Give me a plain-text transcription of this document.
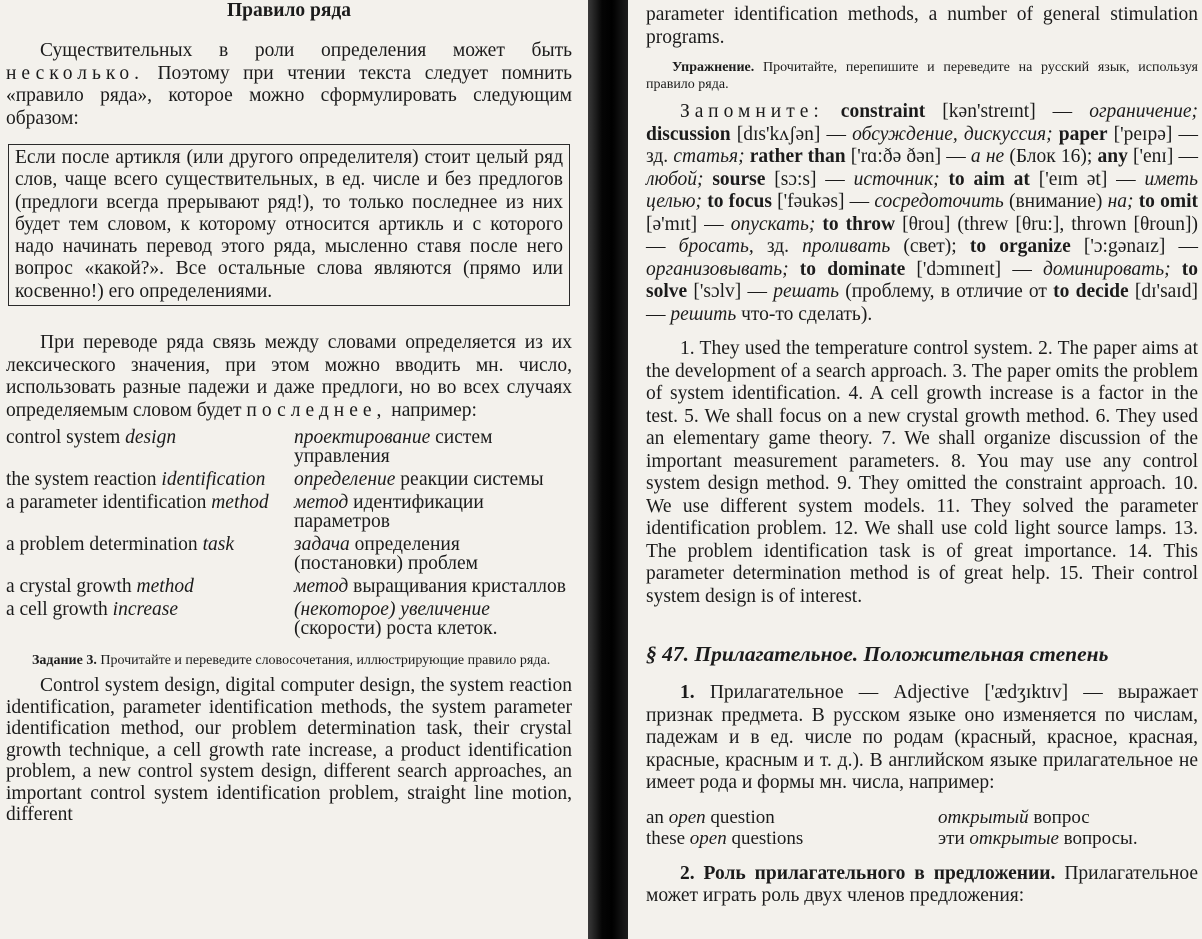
Правило ряда

Существительных в роли определения может быть несколько. Поэтому при чтении текста следует помнить «правило ряда», которое можно сформулировать следующим образом:

Если после артикля (или другого определителя) стоит целый ряд слов, чаще всего существительных, в ед. числе и без предлогов (предлоги всегда прерывают ряд!), то только последнее из них будет тем словом, к которому относится артикль и с которого надо начинать перевод этого ряда, мысленно ставя после него вопрос «какой?». Все остальные слова являются (прямо или косвенно!) его определениями.

При переводе ряда связь между словами определяется из их лексического значения, при этом можно вводить мн. число, использовать разные падежи и даже предлоги, но во всех случаях определяемым словом будет последнее, например:

control system design	проектирование систем управления
the system reaction identification	определение реакции системы
a parameter identification method	метод идентификации параметров
a problem determination task	задача определения (постановки) проблем
a crystal growth method	метод выращивания кристаллов
a cell growth increase	(некоторое) увеличение (скорости) роста клеток.

Задание 3. Прочитайте и переведите словосочетания, иллюстрирующие правило ряда.

Control system design, digital computer design, the system reaction identification, parameter identification methods, the system parameter identification method, our problem determination task, their crystal growth technique, a cell growth rate increase, a product identification problem, a new control system design, different search approaches, an important control system identification problem, straight line motion, different

parameter identification methods, a number of general stimulation programs.

Упражнение. Прочитайте, перепишите и переведите на русский язык, используя правило ряда.

Запомните: constraint [kən'streɪnt] — ограничение; discussion [dɪs'kʌʃən] — обсуждение, дискуссия; paper ['peɪpə] — зд. статья; rather than ['rɑ:ðə ðən] — а не (Блок 16); any ['enɪ] — любой; sourse [sɔ:s] — источник; to aim at ['eɪm ət] — иметь целью; to focus ['fəukəs] — сосредоточить (внимание) на; to omit [ə'mɪt] — опускать; to throw [θrou] (threw [θru:], thrown [θroun]) — бросать, зд. проливать (свет); to organize ['ɔ:gənaɪz] — организовывать; to dominate ['dɔmɪneɪt] — доминировать; to solve ['sɔlv] — решать (проблему, в отличие от to decide [dɪ'saɪd] — решить что-то сделать).

1. They used the temperature control system. 2. The paper aims at the development of a search approach. 3. The paper omits the problem of system identification. 4. A cell growth increase is a factor in the test. 5. We shall focus on a new crystal growth method. 6. They used an elementary game theory. 7. We shall organize discussion of the important measurement parameters. 8. You may use any control system design method. 9. They omitted the constraint approach. 10. We use different system models. 11. They solved the parameter identification problem. 12. We shall use cold light source lamps. 13. The problem identification task is of great importance. 14. This parameter determination method is of great help. 15. Their control system design is of interest.

§ 47. Прилагательное. Положительная степень

1. Прилагательное — Adjective ['ædʒɪktɪv] — выражает признак предмета. В русском языке оно изменяется по числам, падежам и в ед. числе по родам (красный, красное, красная, красные, красным и т. д.). В английском языке прилагательное не имеет рода и формы мн. числа, например:

an open question	открытый вопрос
these open questions	эти открытые вопросы.

2. Роль прилагательного в предложении. Прилагательное может играть роль двух членов предложения:
